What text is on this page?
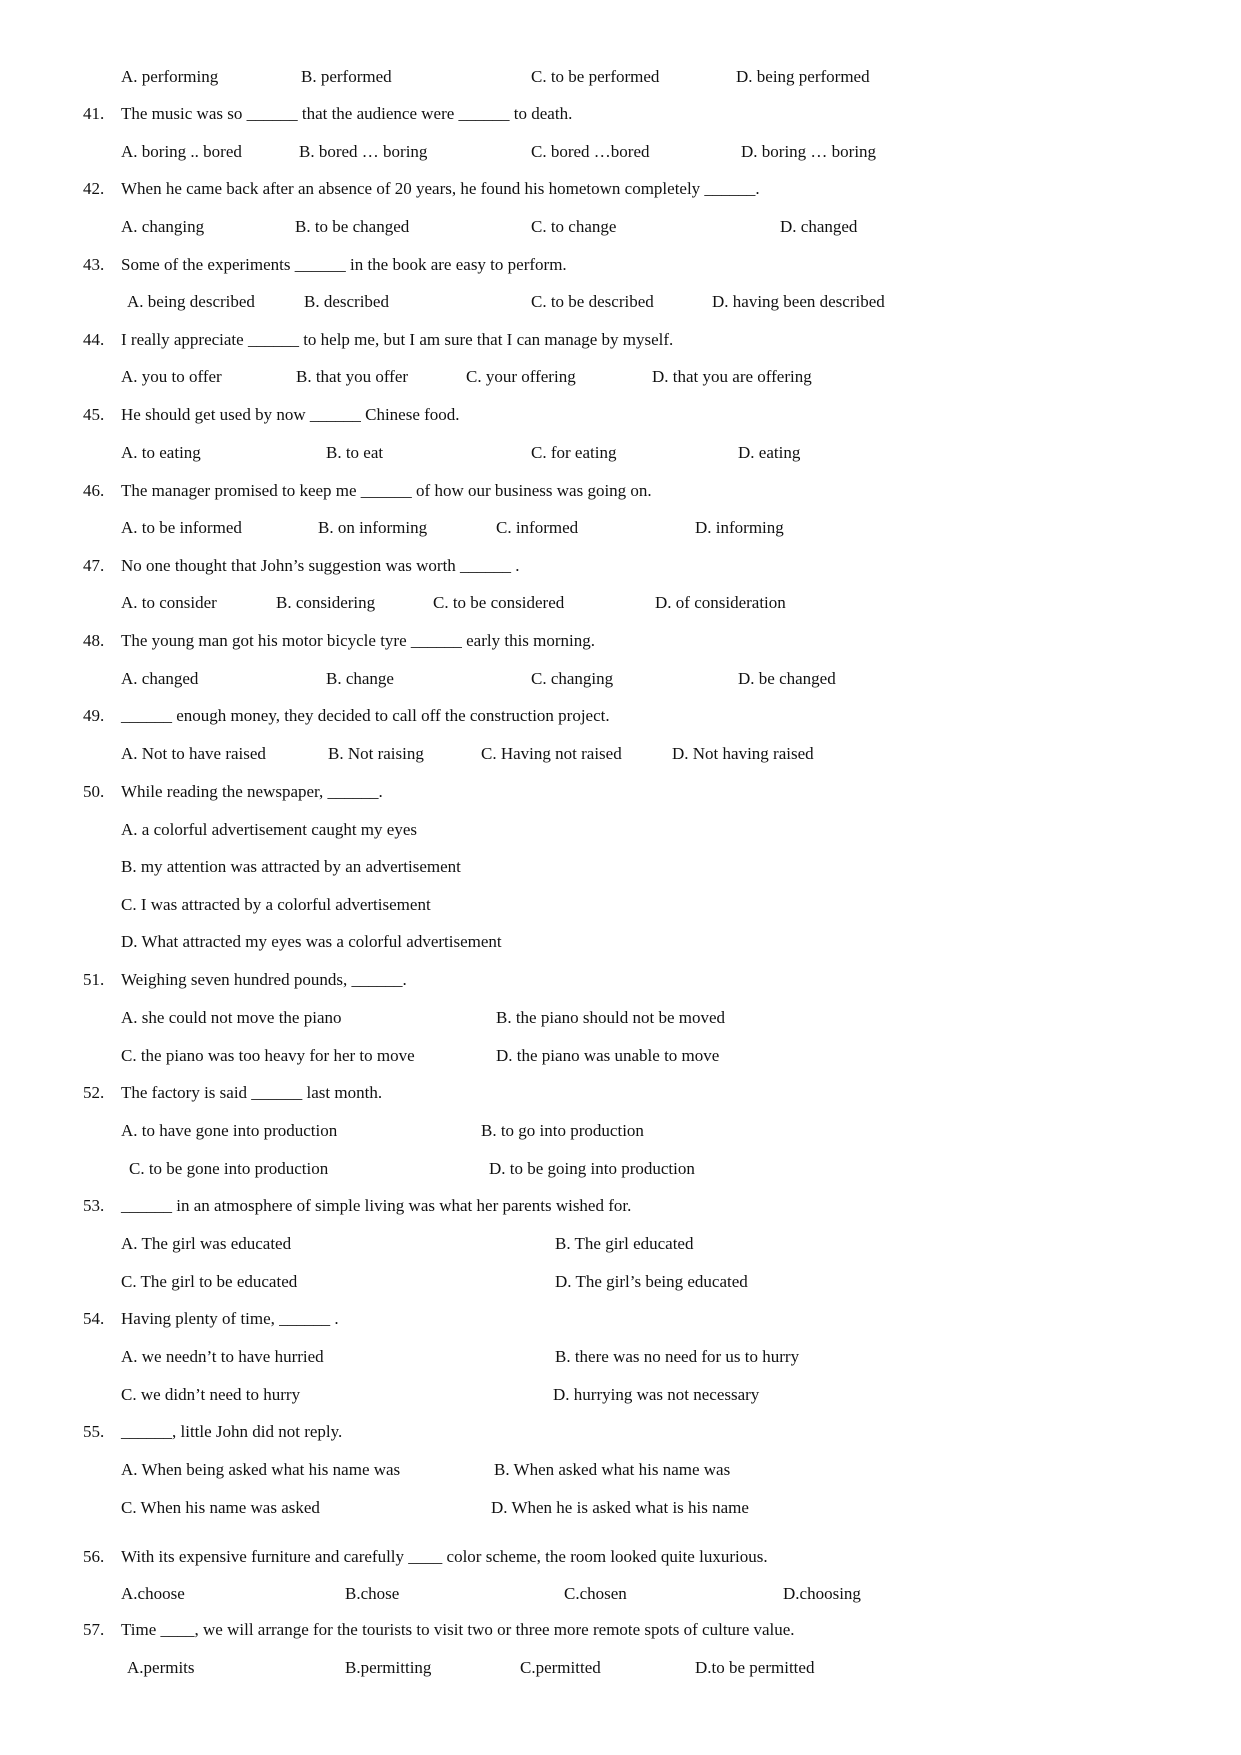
A. performing	B. performed	C. to be performed	D. being performed
41. The music was so ______ that the audience were ______ to death.
A. boring .. bored	B. bored … boring	C. bored …bored	D. boring … boring
42. When he came back after an absence of 20 years, he found his hometown completely ______.
A. changing	B. to be changed	C. to change	D. changed
43. Some of the experiments ______ in the book are easy to perform.
A. being described	B. described	C. to be described	D. having been described
44. I really appreciate ______ to help me, but I am sure that I can manage by myself.
A. you to offer	B. that you offer	C. your offering	D. that you are offering
45. He should get used by now ______ Chinese food.
A. to eating	B. to eat	C. for eating	D. eating
46. The manager promised to keep me ______ of how our business was going on.
A. to be informed	B. on informing	C. informed	D. informing
47. No one thought that John’s suggestion was worth ______ .
A. to consider	B. considering	C. to be considered	D. of consideration
48. The young man got his motor bicycle tyre ______ early this morning.
A. changed	B. change	C. changing	D. be changed
49. ______ enough money, they decided to call off the construction project.
A. Not to have raised	B. Not raising	C. Having not raised	D. Not having raised
50. While reading the newspaper, ______.
A. a colorful advertisement caught my eyes
B. my attention was attracted by an advertisement
C. I was attracted by a colorful advertisement
D. What attracted my eyes was a colorful advertisement
51. Weighing seven hundred pounds, ______.
A. she could not move the piano	B. the piano should not be moved
C. the piano was too heavy for her to move	D. the piano was unable to move
52. The factory is said ______ last month.
A. to have gone into production	B. to go into production
C. to be gone into production	D. to be going into production
53. ______ in an atmosphere of simple living was what her parents wished for.
A. The girl was educated	B. The girl educated
C. The girl to be educated	D. The girl’s being educated
54. Having plenty of time, ______ .
A. we needn’t to have hurried	B. there was no need for us to hurry
C. we didn’t need to hurry	D. hurrying was not necessary
55. ______, little John did not reply.
A. When being asked what his name was	B. When asked what his name was
C. When his name was asked	D. When he is asked what is his name
56. With its expensive furniture and carefully ____ color scheme, the room looked quite luxurious.
A.choose	B.chose	C.chosen	D.choosing
57. Time ____, we will arrange for the tourists to visit two or three more remote spots of culture value.
A.permits	B.permitting	C.permitted	D.to be permitted
